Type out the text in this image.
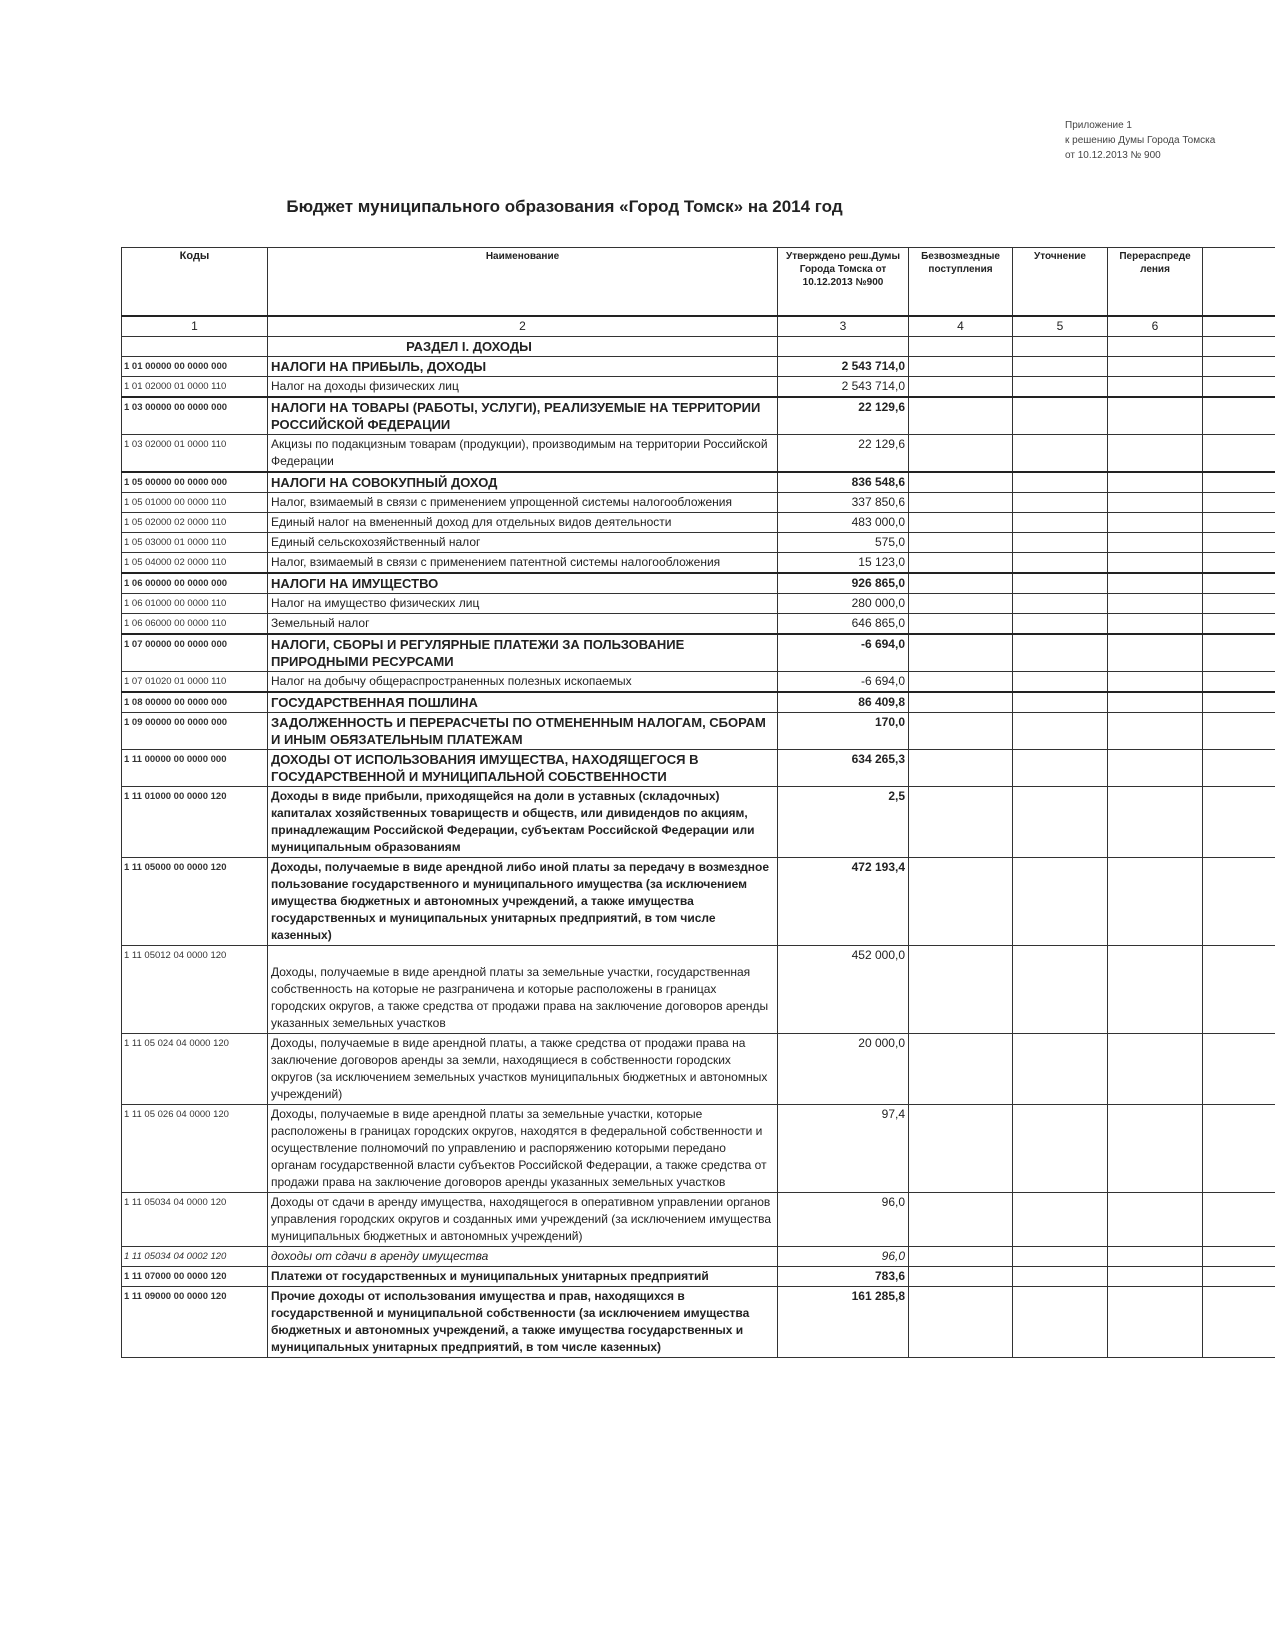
Приложение 1
к решению Думы Города Томска
от 10.12.2013 № 900
Бюджет муниципального образования «Город Томск» на 2014 год
Коды	Наименование	Утверждено реш.Думы Города Томска от 10.12.2013 №900	Безвозмездные поступления	Уточнение	Перераспреде ления	
1	2	3	4	5	6	
	РАЗДЕЛ I. ДОХОДЫ					
1 01 00000 00 0000 000	НАЛОГИ НА ПРИБЫЛЬ, ДОХОДЫ	2 543 714,0				
1 01 02000 01 0000 110	Налог на доходы физических лиц	2 543 714,0				
1 03 00000 00 0000 000	НАЛОГИ НА ТОВАРЫ (РАБОТЫ, УСЛУГИ), РЕАЛИЗУЕМЫЕ НА ТЕРРИТОРИИ РОССИЙСКОЙ ФЕДЕРАЦИИ	22 129,6				
1 03 02000 01 0000 110	Акцизы по подакцизным товарам (продукции), производимым на территории Российской Федерации	22 129,6				
1 05 00000 00 0000 000	НАЛОГИ НА СОВОКУПНЫЙ ДОХОД	836 548,6				
1 05 01000 00 0000 110	Налог, взимаемый в связи с применением упрощенной системы налогообложения	337 850,6				
1 05 02000 02 0000 110	Единый налог на вмененный доход для отдельных видов деятельности	483 000,0				
1 05 03000 01 0000 110	Единый сельскохозяйственный налог	575,0				
1 05 04000 02 0000 110	Налог, взимаемый в связи с применением патентной системы налогообложения	15 123,0				
1 06 00000 00 0000 000	НАЛОГИ НА ИМУЩЕСТВО	926 865,0				
1 06 01000 00 0000 110	Налог на имущество физических лиц	280 000,0				
1 06 06000 00 0000 110	Земельный налог	646 865,0				
1 07 00000 00 0000 000	НАЛОГИ, СБОРЫ И РЕГУЛЯРНЫЕ ПЛАТЕЖИ ЗА ПОЛЬЗОВАНИЕ ПРИРОДНЫМИ РЕСУРСАМИ	-6 694,0				
1 07 01020 01 0000 110	Налог на добычу общераспространенных полезных ископаемых	-6 694,0				
1 08 00000 00 0000 000	ГОСУДАРСТВЕННАЯ ПОШЛИНА	86 409,8				
1 09 00000 00 0000 000	ЗАДОЛЖЕННОСТЬ И ПЕРЕРАСЧЕТЫ ПО ОТМЕНЕННЫМ НАЛОГАМ, СБОРАМ И ИНЫМ ОБЯЗАТЕЛЬНЫМ ПЛАТЕЖАМ	170,0				
1 11 00000 00 0000 000	ДОХОДЫ ОТ ИСПОЛЬЗОВАНИЯ ИМУЩЕСТВА, НАХОДЯЩЕГОСЯ В ГОСУДАРСТВЕННОЙ И МУНИЦИПАЛЬНОЙ СОБСТВЕННОСТИ	634 265,3				
1 11 01000 00 0000 120	Доходы в виде прибыли, приходящейся на доли в уставных (складочных) капиталах хозяйственных товариществ и обществ, или дивидендов по акциям, принадлежащим Российской Федерации, субъектам Российской Федерации или муниципальным образованиям	2,5				
1 11 05000 00 0000 120	Доходы, получаемые в виде арендной либо иной платы за передачу в возмездное пользование государственного и муниципального имущества (за исключением имущества бюджетных и автономных учреждений, а также имущества государственных и муниципальных унитарных предприятий, в том числе казенных)	472 193,4				
1 11 05012 04 0000 120	Доходы, получаемые в виде арендной платы за земельные участки, государственная собственность на которые не разграничена и которые расположены в границах городских округов, а также средства от продажи права на заключение договоров аренды указанных земельных участков	452 000,0				
1 11 05 024 04 0000 120	Доходы, получаемые в виде арендной платы, а также средства от продажи права на заключение договоров аренды за земли, находящиеся в собственности городских округов (за исключением земельных участков муниципальных бюджетных и автономных учреждений)	20 000,0				
1 11 05 026 04 0000 120	Доходы, получаемые в виде арендной платы за земельные участки, которые расположены в границах городских округов, находятся в федеральной собственности и осуществление полномочий по управлению и распоряжению которыми передано органам государственной власти субъектов Российской Федерации, а также средства от продажи права на заключение договоров аренды указанных земельных участков	97,4				
1 11 05034 04 0000 120	Доходы от сдачи в аренду имущества, находящегося в оперативном управлении органов управления городских округов и созданных ими учреждений (за исключением имущества муниципальных бюджетных и автономных учреждений)	96,0				
1 11 05034 04 0002 120	доходы от сдачи в аренду имущества	96,0				
1 11 07000 00 0000 120	Платежи от государственных и муниципальных унитарных предприятий	783,6				
1 11 09000 00 0000 120	Прочие доходы от использования имущества и прав, находящихся в государственной и муниципальной собственности (за исключением имущества бюджетных и автономных учреждений, а также имущества государственных и муниципальных унитарных предприятий, в том числе казенных)	161 285,8				
